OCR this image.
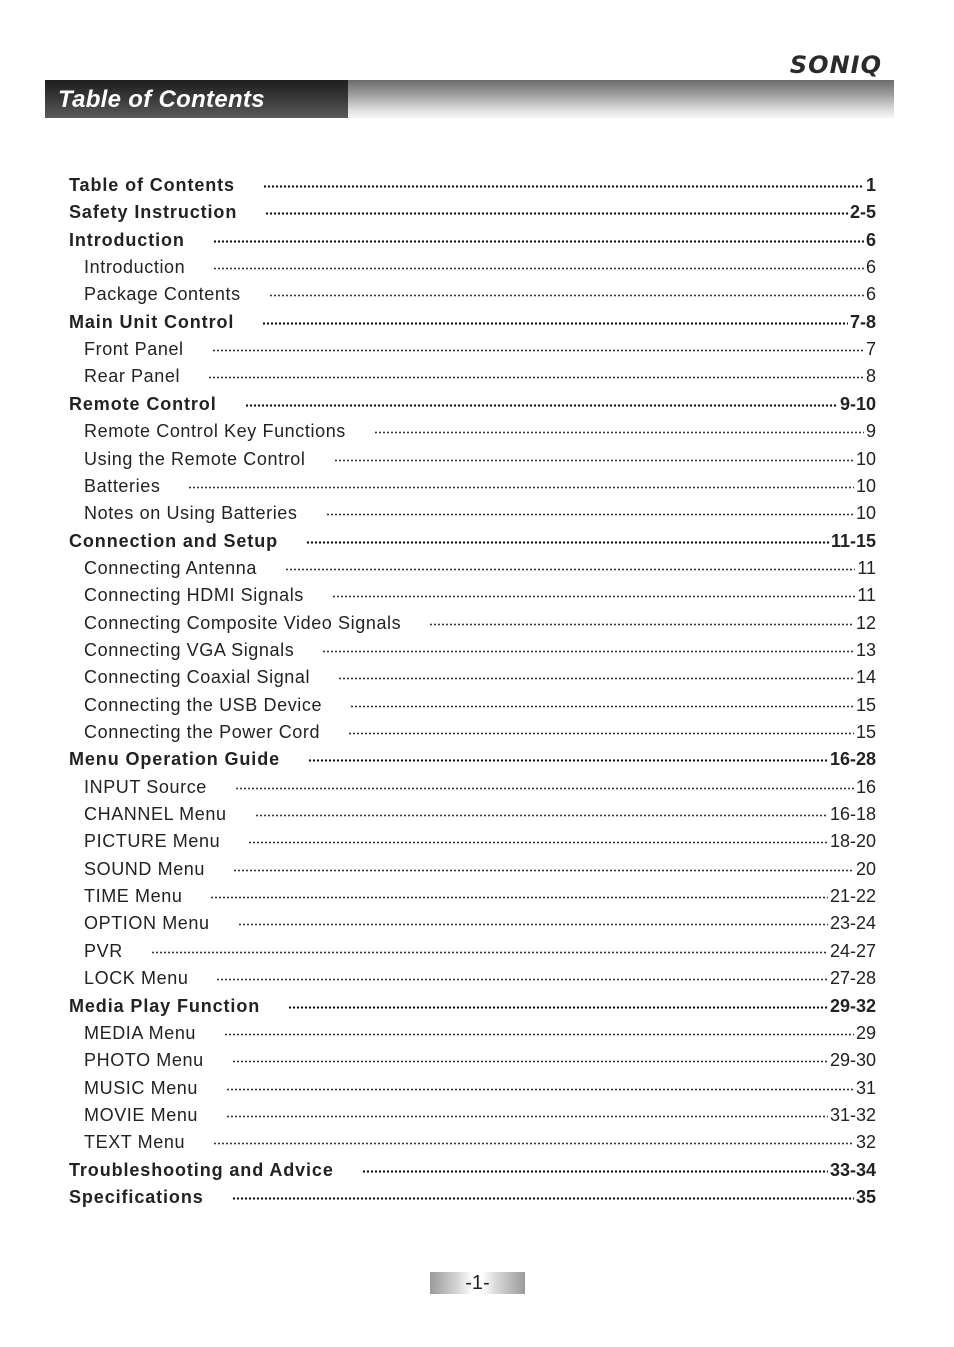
SONIQ
Table of Contents
Table of Contents	1
Safety Instruction	2-5
Introduction	6
Introduction	6
Package Contents	6
Main Unit Control	7-8
Front Panel	7
Rear Panel	8
Remote Control	9-10
Remote Control Key Functions	9
Using the Remote Control	10
Batteries	10
Notes on Using Batteries	10
Connection and Setup	11-15
Connecting Antenna	11
Connecting HDMI Signals	11
Connecting Composite Video Signals	12
Connecting VGA Signals	13
Connecting Coaxial Signal	14
Connecting the USB Device	15
Connecting the Power Cord	15
Menu Operation Guide	16-28
INPUT Source	16
CHANNEL Menu	16-18
PICTURE Menu	18-20
SOUND Menu	20
TIME Menu	21-22
OPTION Menu	23-24
PVR	24-27
LOCK Menu	27-28
Media Play Function	29-32
MEDIA Menu	29
PHOTO Menu	29-30
MUSIC Menu	31
MOVIE Menu	31-32
TEXT Menu	32
Troubleshooting and Advice	33-34
Specifications	35
-1-
